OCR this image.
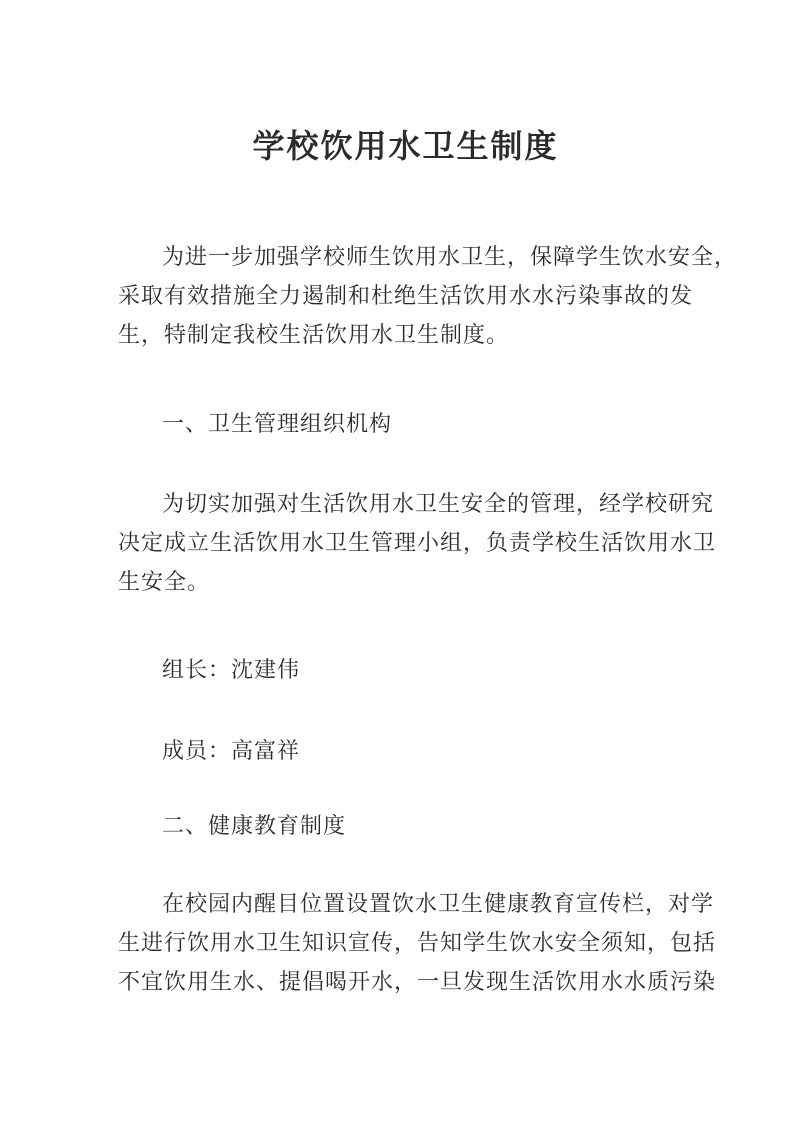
学校饮用水卫生制度
为进一步加强学校师生饮用水卫生，保障学生饮水安全，
采取有效措施全力遏制和杜绝生活饮用水水污染事故的发
生，特制定我校生活饮用水卫生制度。
一、卫生管理组织机构
为切实加强对生活饮用水卫生安全的管理，经学校研究
决定成立生活饮用水卫生管理小组，负责学校生活饮用水卫
生安全。
组长：沈建伟
成员：高富祥
二、健康教育制度
在校园内醒目位置设置饮水卫生健康教育宣传栏，对学
生进行饮用水卫生知识宣传，告知学生饮水安全须知，包括
不宜饮用生水、提倡喝开水，一旦发现生活饮用水水质污染
